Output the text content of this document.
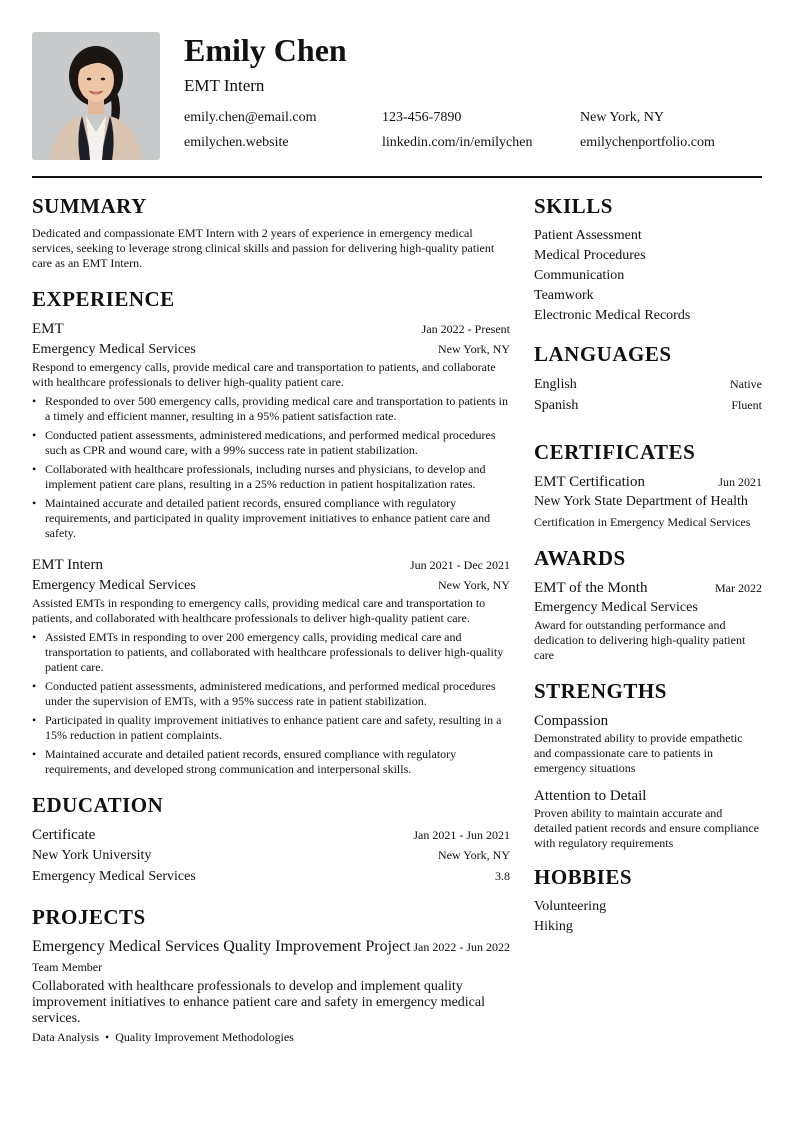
Emily Chen
EMT Intern
emily.chen@email.com	123-456-7890	New York, NY
emilychen.website	linkedin.com/in/emilychen	emilychenportfolio.com
SUMMARY
Dedicated and compassionate EMT Intern with 2 years of experience in emergency medical services, seeking to leverage strong clinical skills and passion for delivering high-quality patient care as an EMT Intern.
EXPERIENCE
EMT	Jan 2022 - Present
Emergency Medical Services	New York, NY
Respond to emergency calls, provide medical care and transportation to patients, and collaborate with healthcare professionals to deliver high-quality patient care.
• Responded to over 500 emergency calls, providing medical care and transportation to patients in a timely and efficient manner, resulting in a 95% patient satisfaction rate.
• Conducted patient assessments, administered medications, and performed medical procedures such as CPR and wound care, with a 99% success rate in patient stabilization.
• Collaborated with healthcare professionals, including nurses and physicians, to develop and implement patient care plans, resulting in a 25% reduction in patient hospitalization rates.
• Maintained accurate and detailed patient records, ensured compliance with regulatory requirements, and participated in quality improvement initiatives to enhance patient care and safety.
EMT Intern	Jun 2021 - Dec 2021
Emergency Medical Services	New York, NY
Assisted EMTs in responding to emergency calls, providing medical care and transportation to patients, and collaborated with healthcare professionals to deliver high-quality patient care.
• Assisted EMTs in responding to over 200 emergency calls, providing medical care and transportation to patients, and collaborated with healthcare professionals to deliver high-quality patient care.
• Conducted patient assessments, administered medications, and performed medical procedures under the supervision of EMTs, with a 95% success rate in patient stabilization.
• Participated in quality improvement initiatives to enhance patient care and safety, resulting in a 15% reduction in patient complaints.
• Maintained accurate and detailed patient records, ensured compliance with regulatory requirements, and developed strong communication and interpersonal skills.
EDUCATION
Certificate	Jan 2021 - Jun 2021
New York University	New York, NY
Emergency Medical Services	3.8
PROJECTS
Emergency Medical Services Quality Improvement Project Jan 2022 - Jun 2022
Team Member
Collaborated with healthcare professionals to develop and implement quality improvement initiatives to enhance patient care and safety in emergency medical services.
Data Analysis • Quality Improvement Methodologies
SKILLS
Patient Assessment
Medical Procedures
Communication
Teamwork
Electronic Medical Records
LANGUAGES
English	Native
Spanish	Fluent
CERTIFICATES
EMT Certification	Jun 2021
New York State Department of Health
Certification in Emergency Medical Services
AWARDS
EMT of the Month	Mar 2022
Emergency Medical Services
Award for outstanding performance and dedication to delivering high-quality patient care
STRENGTHS
Compassion
Demonstrated ability to provide empathetic and compassionate care to patients in emergency situations
Attention to Detail
Proven ability to maintain accurate and detailed patient records and ensure compliance with regulatory requirements
HOBBIES
Volunteering
Hiking
